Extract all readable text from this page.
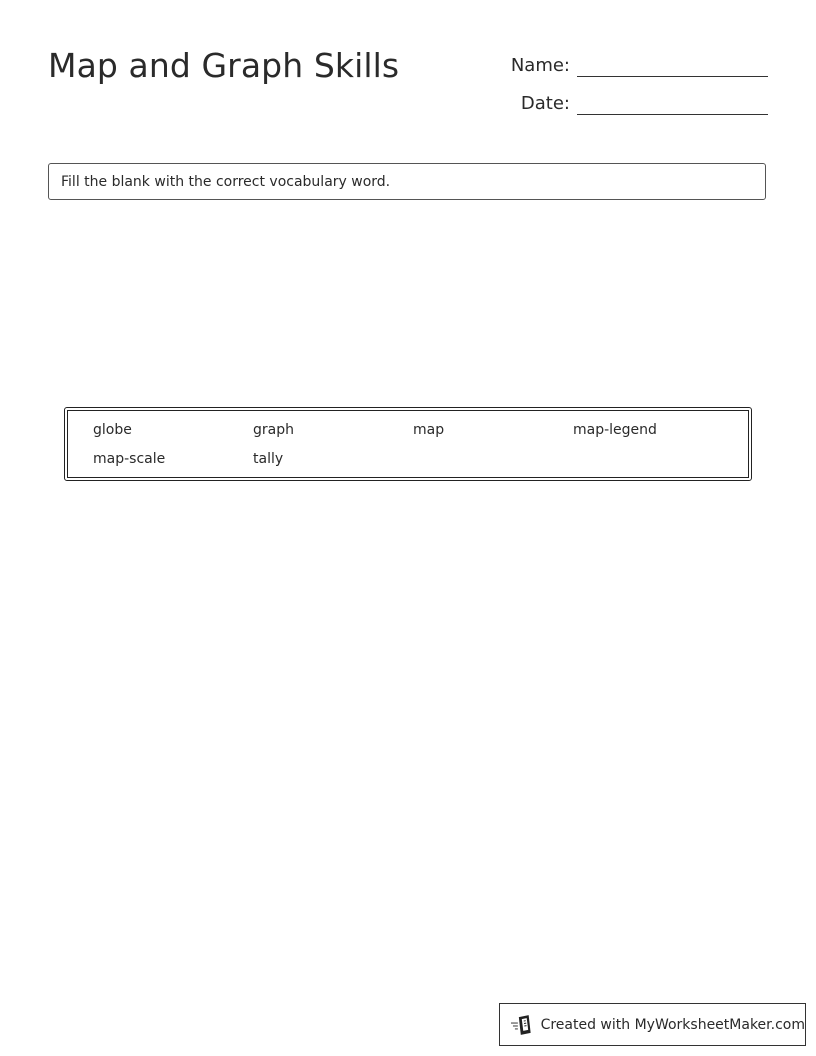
Map and Graph Skills	Name:
Date:
Fill the blank with the correct vocabulary word.
globe	graph	map	map-legend
map-scale	tally
Created with MyWorksheetMaker.com
